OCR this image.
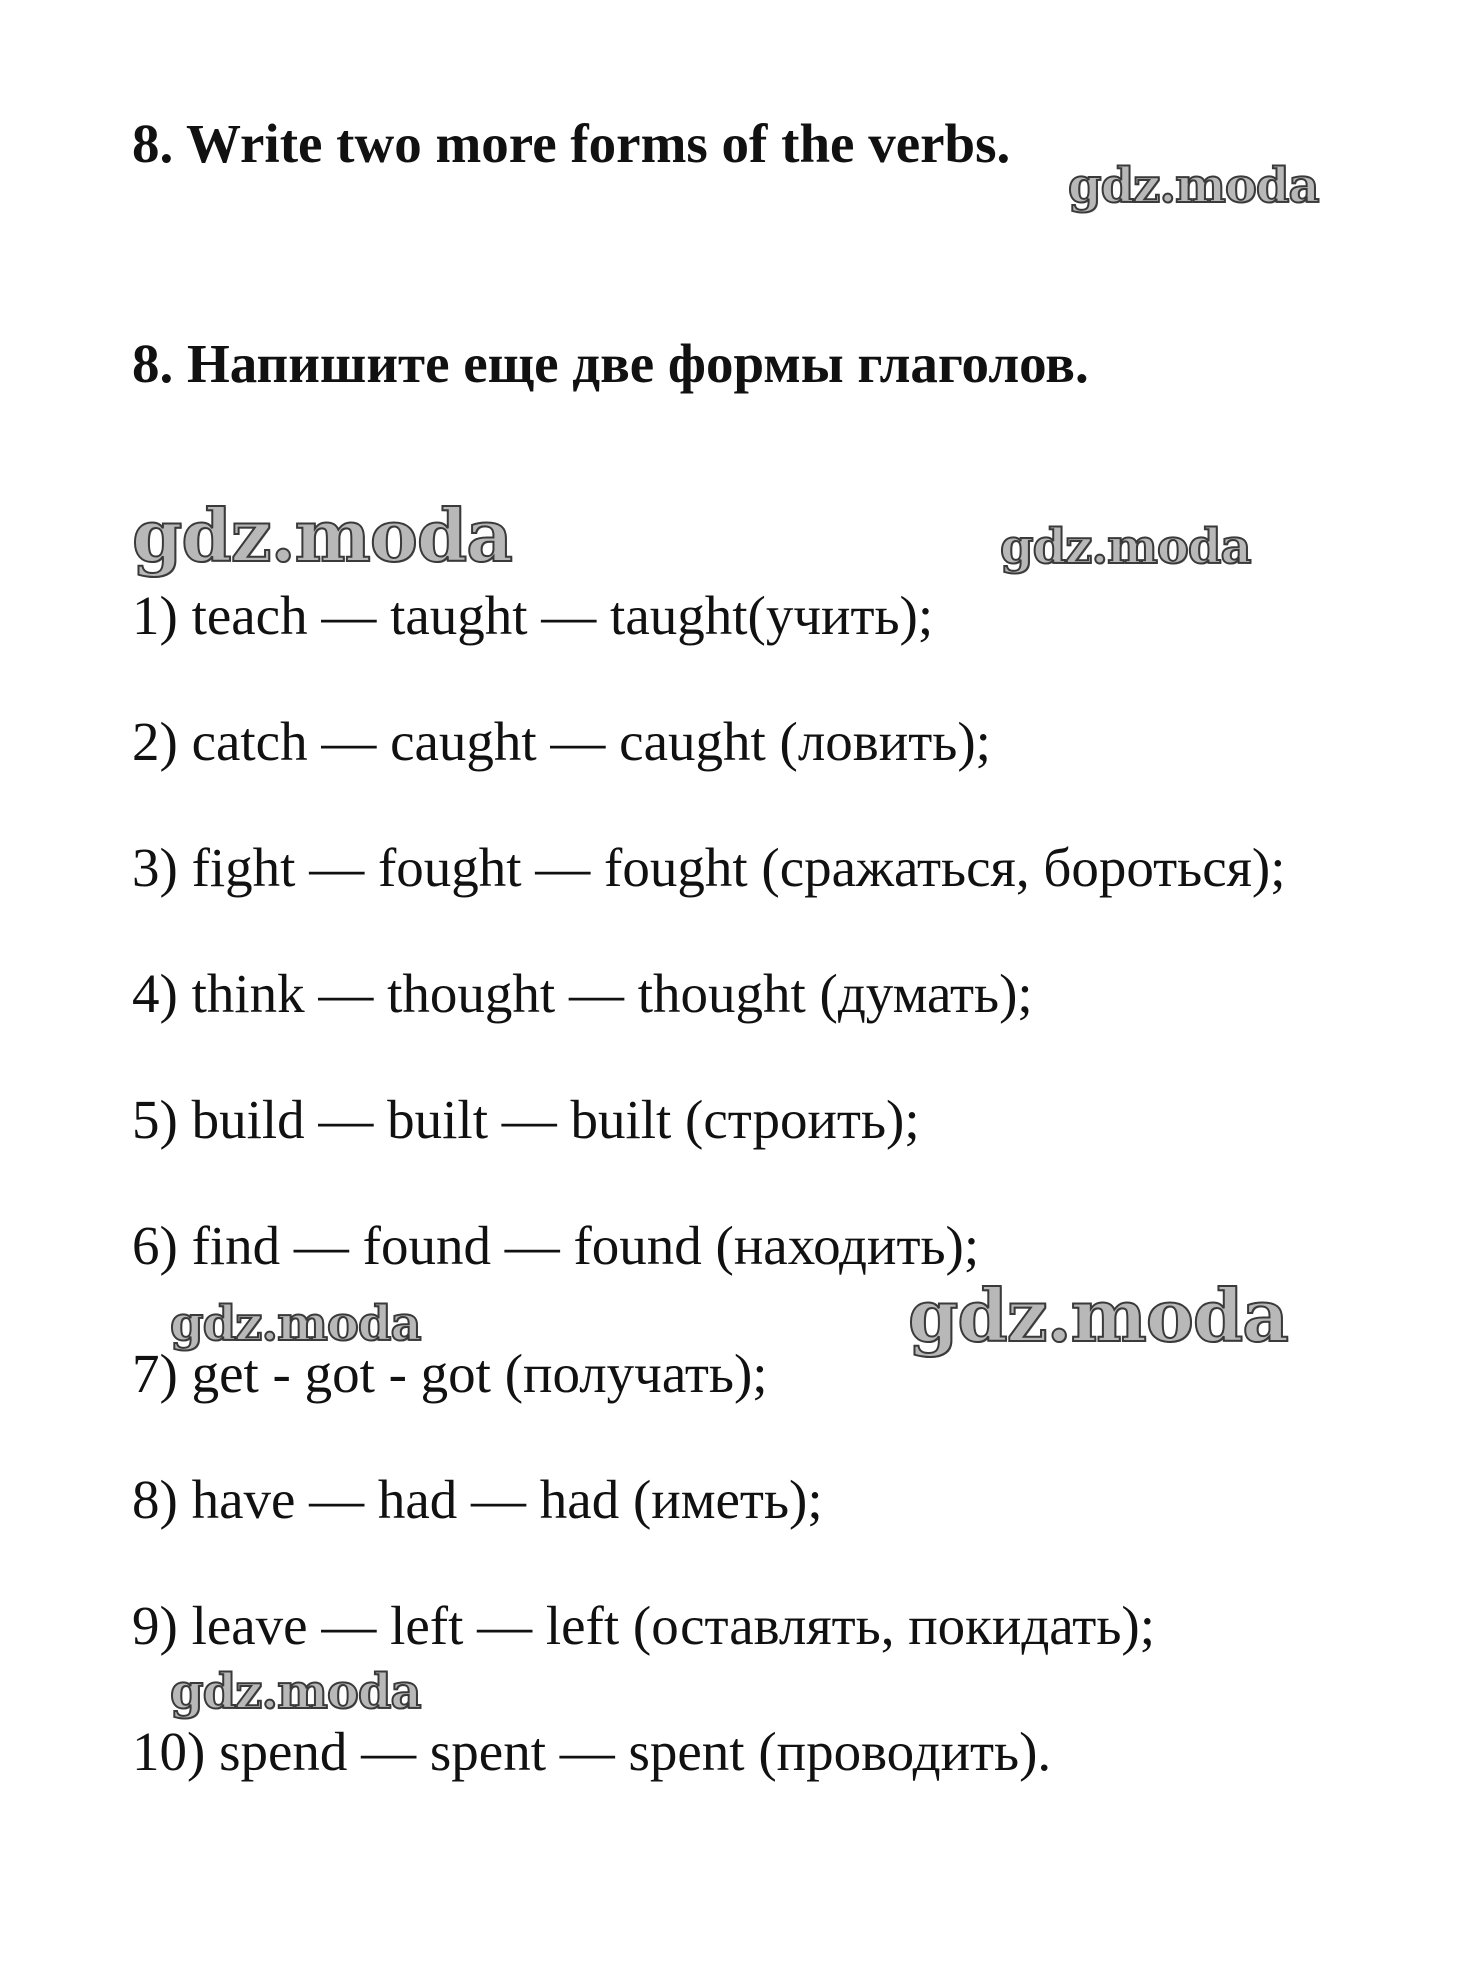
8. Write two more forms of the verbs.
8. Напишите еще две формы глаголов.

1) teach — taught — taught(учить);

2) catch — caught — caught (ловить);

3) fight — fought — fought (сражаться, бороться);

4) think — thought — thought (думать);

5) build — built — built (строить);

6) find — found — found (находить);

7) get - got - got (получать);

8) have — had — had (иметь);

9) leave — left — left (оставлять, покидать);

10) spend — spent — spent (проводить).

gdz.moda
gdz.moda	gdz.moda
gdz.moda	gdz.moda
gdz.moda
